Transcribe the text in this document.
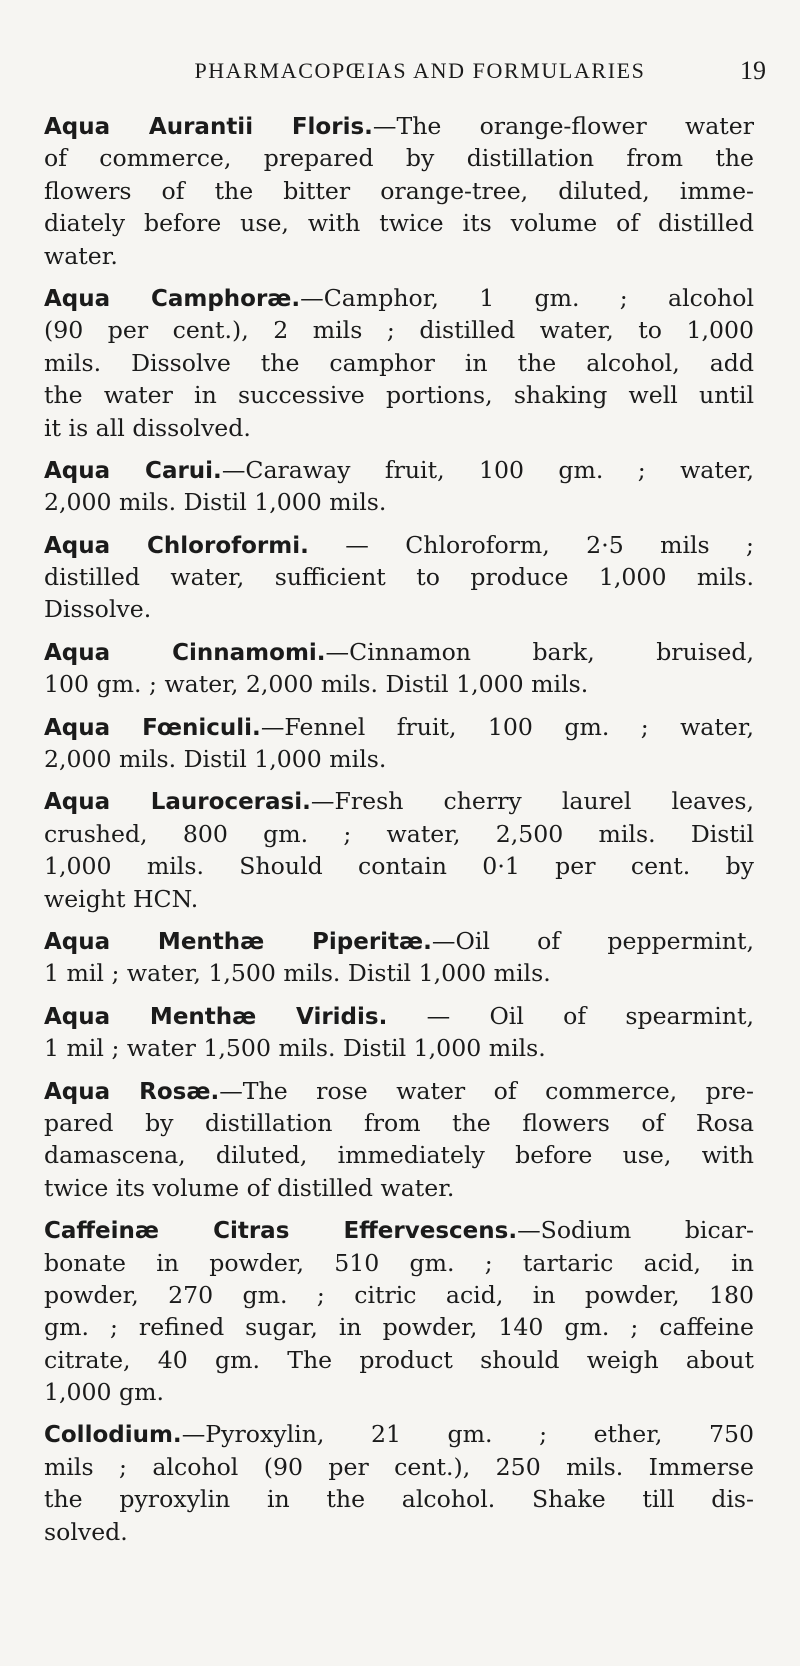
PHARMACOPŒIAS AND FORMULARIES	19
Aqua Aurantii Floris.—The orange-flower water
of commerce, prepared by distillation from the
flowers of the bitter orange-tree, diluted, imme-
diately before use, with twice its volume of distilled
water.
Aqua Camphoræ.—Camphor, 1 gm. ; alcohol
(90 per cent.), 2 mils ; distilled water, to 1,000
mils. Dissolve the camphor in the alcohol, add
the water in successive portions, shaking well until
it is all dissolved.
Aqua Carui.—Caraway fruit, 100 gm. ; water,
2,000 mils. Distil 1,000 mils.
Aqua Chloroformi. — Chloroform, 2·5 mils ;
distilled water, sufficient to produce 1,000 mils.
Dissolve.
Aqua Cinnamomi.—Cinnamon bark, bruised,
100 gm. ; water, 2,000 mils. Distil 1,000 mils.
Aqua Fœniculi.—Fennel fruit, 100 gm. ; water,
2,000 mils. Distil 1,000 mils.
Aqua Laurocerasi.—Fresh cherry laurel leaves,
crushed, 800 gm. ; water, 2,500 mils. Distil
1,000 mils. Should contain 0·1 per cent. by
weight HCN.
Aqua Menthæ Piperitæ.—Oil of peppermint,
1 mil ; water, 1,500 mils. Distil 1,000 mils.
Aqua Menthæ Viridis. — Oil of spearmint,
1 mil ; water 1,500 mils. Distil 1,000 mils.
Aqua Rosæ.—The rose water of commerce, pre-
pared by distillation from the flowers of Rosa
damascena, diluted, immediately before use, with
twice its volume of distilled water.
Caffeinæ Citras Effervescens.—Sodium bicar-
bonate in powder, 510 gm. ; tartaric acid, in
powder, 270 gm. ; citric acid, in powder, 180
gm. ; refined sugar, in powder, 140 gm. ; caffeine
citrate, 40 gm. The product should weigh about
1,000 gm.
Collodium.—Pyroxylin, 21 gm. ; ether, 750
mils ; alcohol (90 per cent.), 250 mils. Immerse
the pyroxylin in the alcohol. Shake till dis-
solved.
